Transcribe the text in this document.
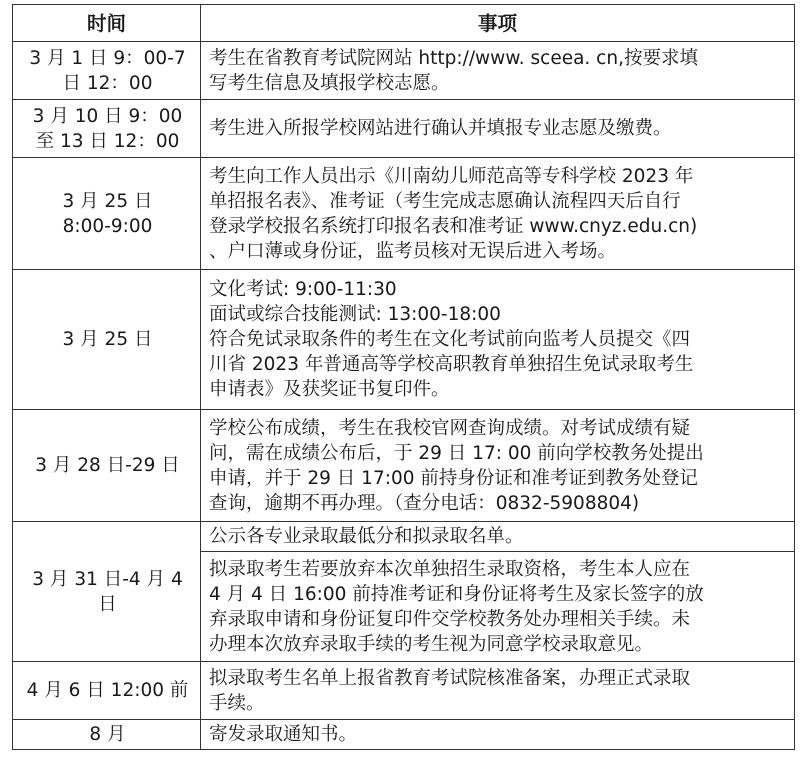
时间	事项

3 月 1 日 9：00-7
日 12：00	考生在省教育考试院网站 http://www. sceea. cn,按要求填
写考生信息及填报学校志愿。

3 月 10 日 9：00
至 13 日 12：00	考生进入所报学校网站进行确认并填报专业志愿及缴费。

3 月 25 日
8:00-9:00	考生向工作人员出示《川南幼儿师范高等专科学校 2023 年
单招报名表》、准考证（考生完成志愿确认流程四天后自行
登录学校报名系统打印报名表和准考证 www.cnyz.edu.cn)
、户口薄或身份证，监考员核对无误后进入考场。

3 月 25 日	文化考试: 9:00-11:30
面试或综合技能测试: 13:00-18:00
符合免试录取条件的考生在文化考试前向监考人员提交《四
川省 2023 年普通高等学校高职教育单独招生免试录取考生
申请表》及获奖证书复印件。

3 月 28 日-29 日	学校公布成绩，考生在我校官网查询成绩。对考试成绩有疑
问，需在成绩公布后，于 29 日 17: 00 前向学校教务处提出
申请，并于 29 日 17:00 前持身份证和准考证到教务处登记
查询，逾期不再办理。（查分电话：0832-5908804)

3 月 31 日-4 月 4
日	公示各专业录取最低分和拟录取名单。

	拟录取考生若要放弃本次单独招生录取资格，考生本人应在
4 月 4 日 16:00 前持准考证和身份证将考生及家长签字的放
弃录取申请和身份证复印件交学校教务处办理相关手续。未
办理本次放弃录取手续的考生视为同意学校录取意见。

4 月 6 日 12:00 前	拟录取考生名单上报省教育考试院核准备案，办理正式录取
手续。

8 月	寄发录取通知书。
